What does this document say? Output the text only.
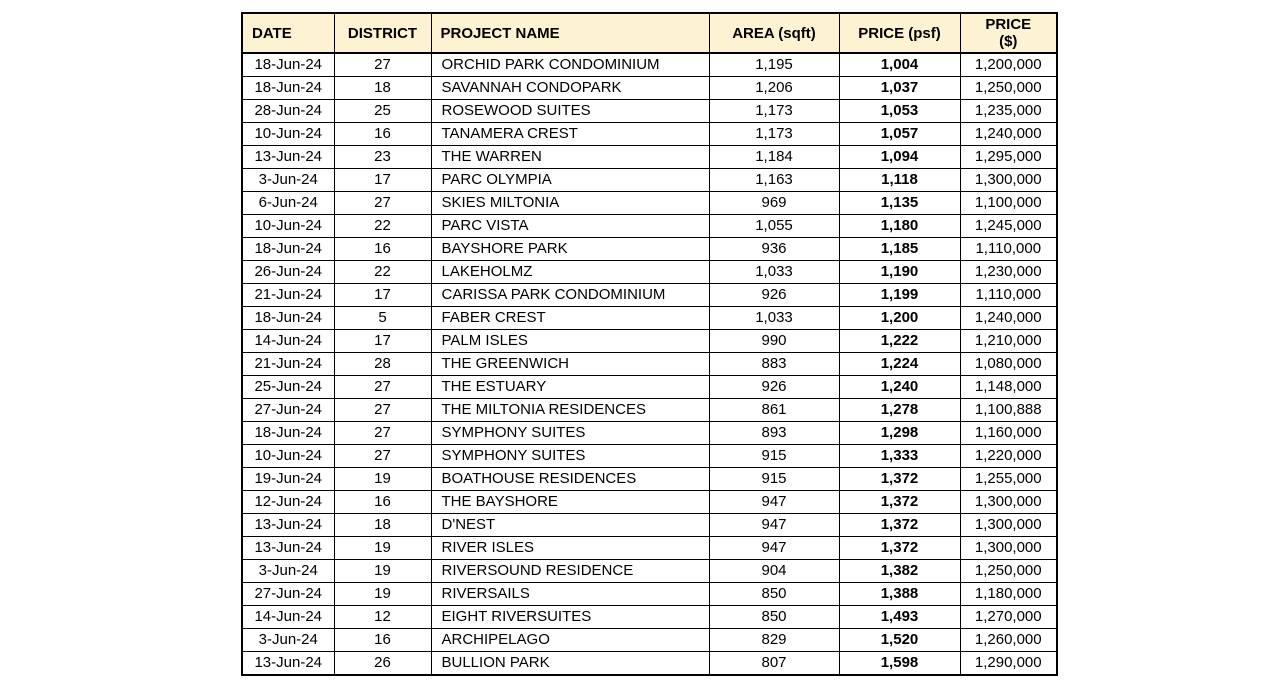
DATE	DISTRICT	PROJECT NAME	AREA (sqft)	PRICE (psf)	PRICE ($)
18-Jun-24	27	ORCHID PARK CONDOMINIUM	1,195	1,004	1,200,000
18-Jun-24	18	SAVANNAH CONDOPARK	1,206	1,037	1,250,000
28-Jun-24	25	ROSEWOOD SUITES	1,173	1,053	1,235,000
10-Jun-24	16	TANAMERA CREST	1,173	1,057	1,240,000
13-Jun-24	23	THE WARREN	1,184	1,094	1,295,000
3-Jun-24	17	PARC OLYMPIA	1,163	1,118	1,300,000
6-Jun-24	27	SKIES MILTONIA	969	1,135	1,100,000
10-Jun-24	22	PARC VISTA	1,055	1,180	1,245,000
18-Jun-24	16	BAYSHORE PARK	936	1,185	1,110,000
26-Jun-24	22	LAKEHOLMZ	1,033	1,190	1,230,000
21-Jun-24	17	CARISSA PARK CONDOMINIUM	926	1,199	1,110,000
18-Jun-24	5	FABER CREST	1,033	1,200	1,240,000
14-Jun-24	17	PALM ISLES	990	1,222	1,210,000
21-Jun-24	28	THE GREENWICH	883	1,224	1,080,000
25-Jun-24	27	THE ESTUARY	926	1,240	1,148,000
27-Jun-24	27	THE MILTONIA RESIDENCES	861	1,278	1,100,888
18-Jun-24	27	SYMPHONY SUITES	893	1,298	1,160,000
10-Jun-24	27	SYMPHONY SUITES	915	1,333	1,220,000
19-Jun-24	19	BOATHOUSE RESIDENCES	915	1,372	1,255,000
12-Jun-24	16	THE BAYSHORE	947	1,372	1,300,000
13-Jun-24	18	D'NEST	947	1,372	1,300,000
13-Jun-24	19	RIVER ISLES	947	1,372	1,300,000
3-Jun-24	19	RIVERSOUND RESIDENCE	904	1,382	1,250,000
27-Jun-24	19	RIVERSAILS	850	1,388	1,180,000
14-Jun-24	12	EIGHT RIVERSUITES	850	1,493	1,270,000
3-Jun-24	16	ARCHIPELAGO	829	1,520	1,260,000
13-Jun-24	26	BULLION PARK	807	1,598	1,290,000
